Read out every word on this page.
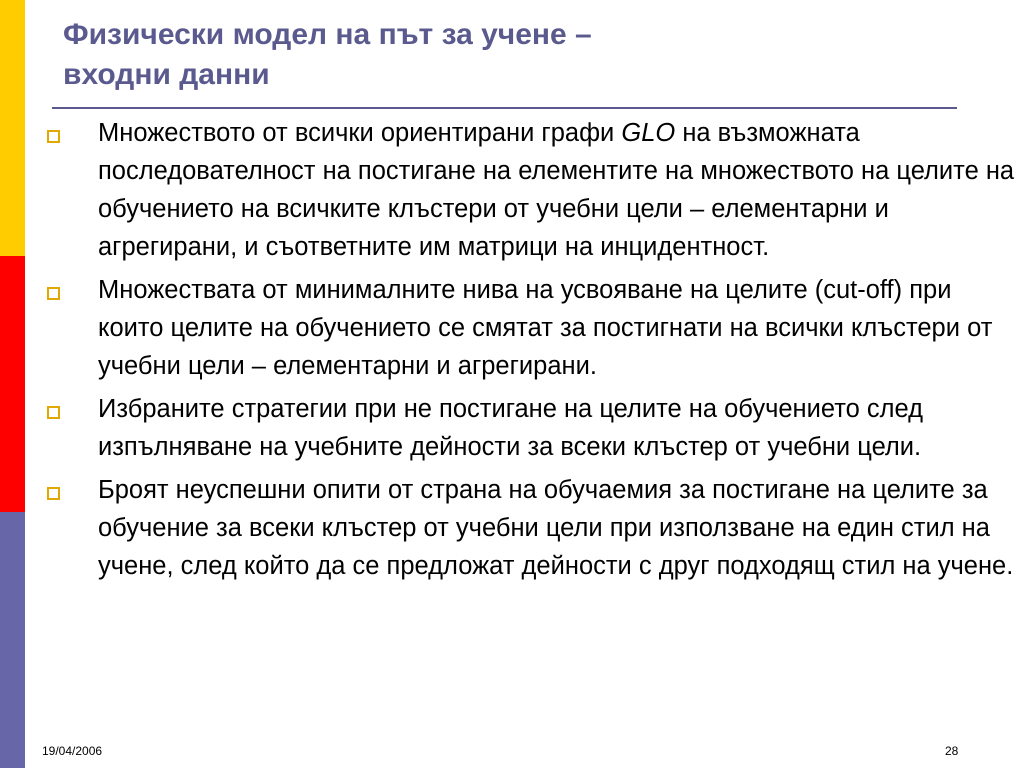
Физически модел на път за учене –
входни данни
Множеството от всички ориентирани графи GLO на възможната последователност на постигане на елементите на множеството на целите на обучението на всичките клъстери от учебни цели – елементарни и агрегирани, и съответните им матрици на инцидентност.
Множествата от минималните нива на усвояване на целите (cut-off) при които целите на обучението се смятат за постигнати на всички клъстери от учебни цели – елементарни и агрегирани.
Избраните стратегии при не постигане на целите на обучението след изпълняване на учебните дейности за всеки клъстер от учебни цели.
Броят неуспешни опити от страна на обучаемия за постигане на целите за обучение за всеки клъстер от учебни цели при използване на един стил на учене, след който да се предложат дейности с друг подходящ стил на учене.
19/04/2006	28
